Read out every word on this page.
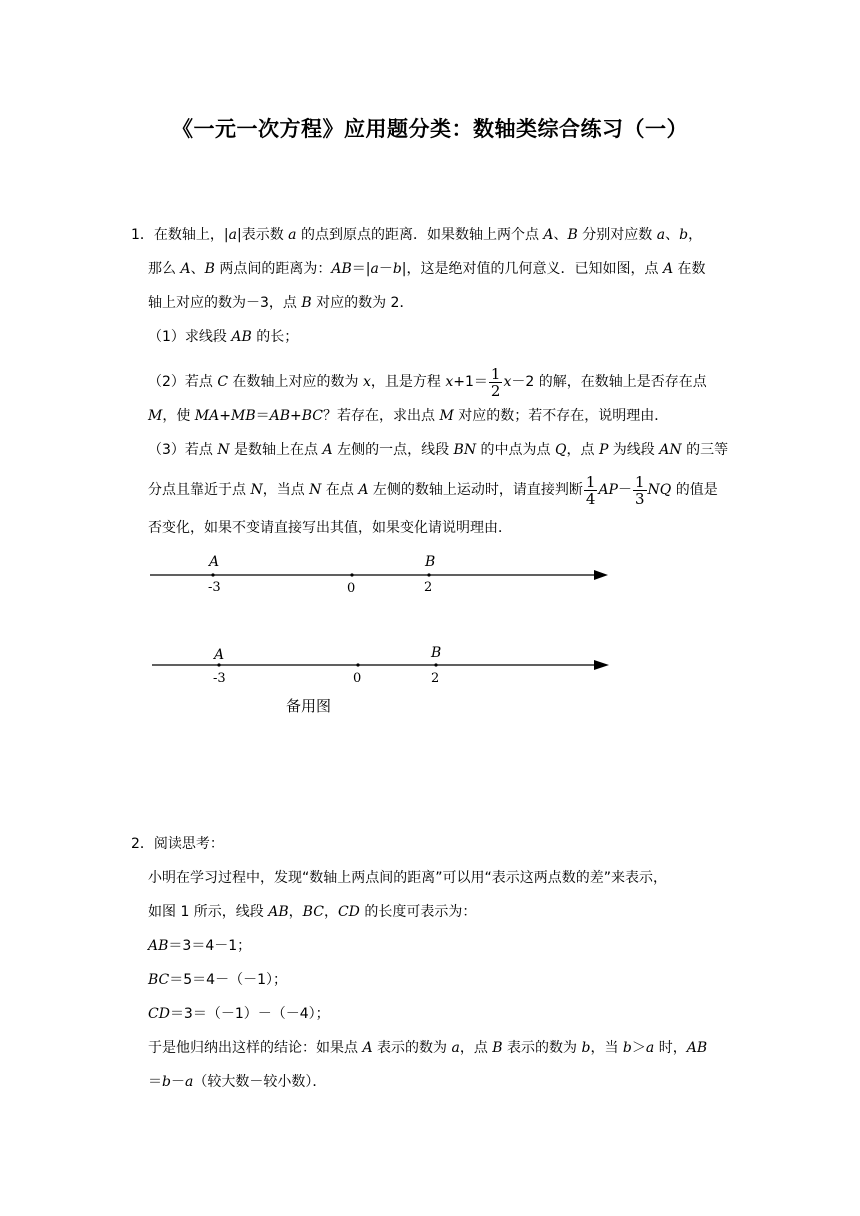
《一元一次方程》应用题分类：数轴类综合练习（一）
1．在数轴上，|a|表示数 a 的点到原点的距离．如果数轴上两个点 A、B 分别对应数 a、b，
那么 A、B 两点间的距离为：AB＝|a－b|，这是绝对值的几何意义．已知如图，点 A 在数
轴上对应的数为－3，点 B 对应的数为 2．
（1）求线段 AB 的长；
（2）若点 C 在数轴上对应的数为 x，且是方程 $x+1= \frac{1}{2} x-2$ 的解，在数轴上是否存在点
M，使 MA+MB＝AB+BC？若存在，求出点 M 对应的数；若不存在，说明理由．
（3）若点 N 是数轴上在点 A 左侧的一点，线段 BN 的中点为点 Q，点 P 为线段 AN 的三等
分点且靠近于点 N，当点 N 在点 A 左侧的数轴上运动时，请直接判断 $\frac{1}{4} AP- \frac{1}{3}$ NQ 的值是
否变化，如果不变请直接写出其值，如果变化请说明理由．
A	B
-3	0	2
A	B
-3	0	2
备用图
2．阅读思考：
小明在学习过程中，发现“数轴上两点间的距离”可以用“表示这两点数的差”来表示，
如图 1 所示，线段 AB，BC，CD 的长度可表示为：
AB＝3＝4－1；
BC＝5＝4－（－1）；
CD＝3＝（－1）－（－4）；
于是他归纳出这样的结论：如果点 A 表示的数为 a，点 B 表示的数为 b，当 b＞a 时，AB
＝b－a（较大数－较小数）．
